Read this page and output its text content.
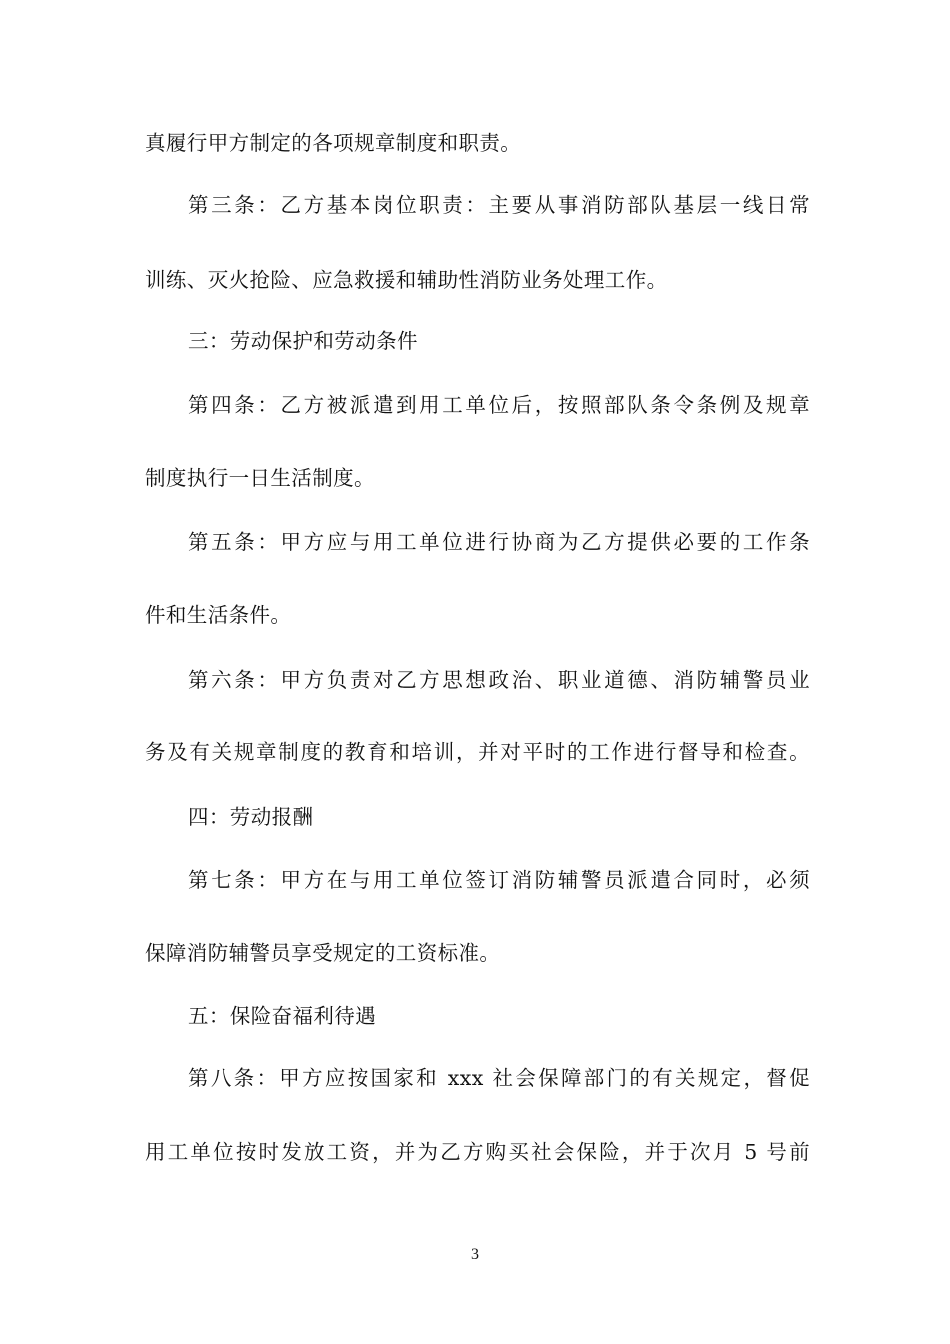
真履行甲方制定的各项规章制度和职责。
第三条：乙方基本岗位职责：主要从事消防部队基层一线日常
训练、灭火抢险、应急救援和辅助性消防业务处理工作。
三：劳动保护和劳动条件
第四条：乙方被派遣到用工单位后，按照部队条令条例及规章
制度执行一日生活制度。
第五条：甲方应与用工单位进行协商为乙方提供必要的工作条
件和生活条件。
第六条：甲方负责对乙方思想政治、职业道德、消防辅警员业
务及有关规章制度的教育和培训，并对平时的工作进行督导和检查。
四：劳动报酬
第七条：甲方在与用工单位签订消防辅警员派遣合同时，必须
保障消防辅警员享受规定的工资标准。
五：保险奋福利待遇
第八条：甲方应按国家和 xxx 社会保障部门的有关规定，督促
用工单位按时发放工资，并为乙方购买社会保险，并于次月 5 号前
3
